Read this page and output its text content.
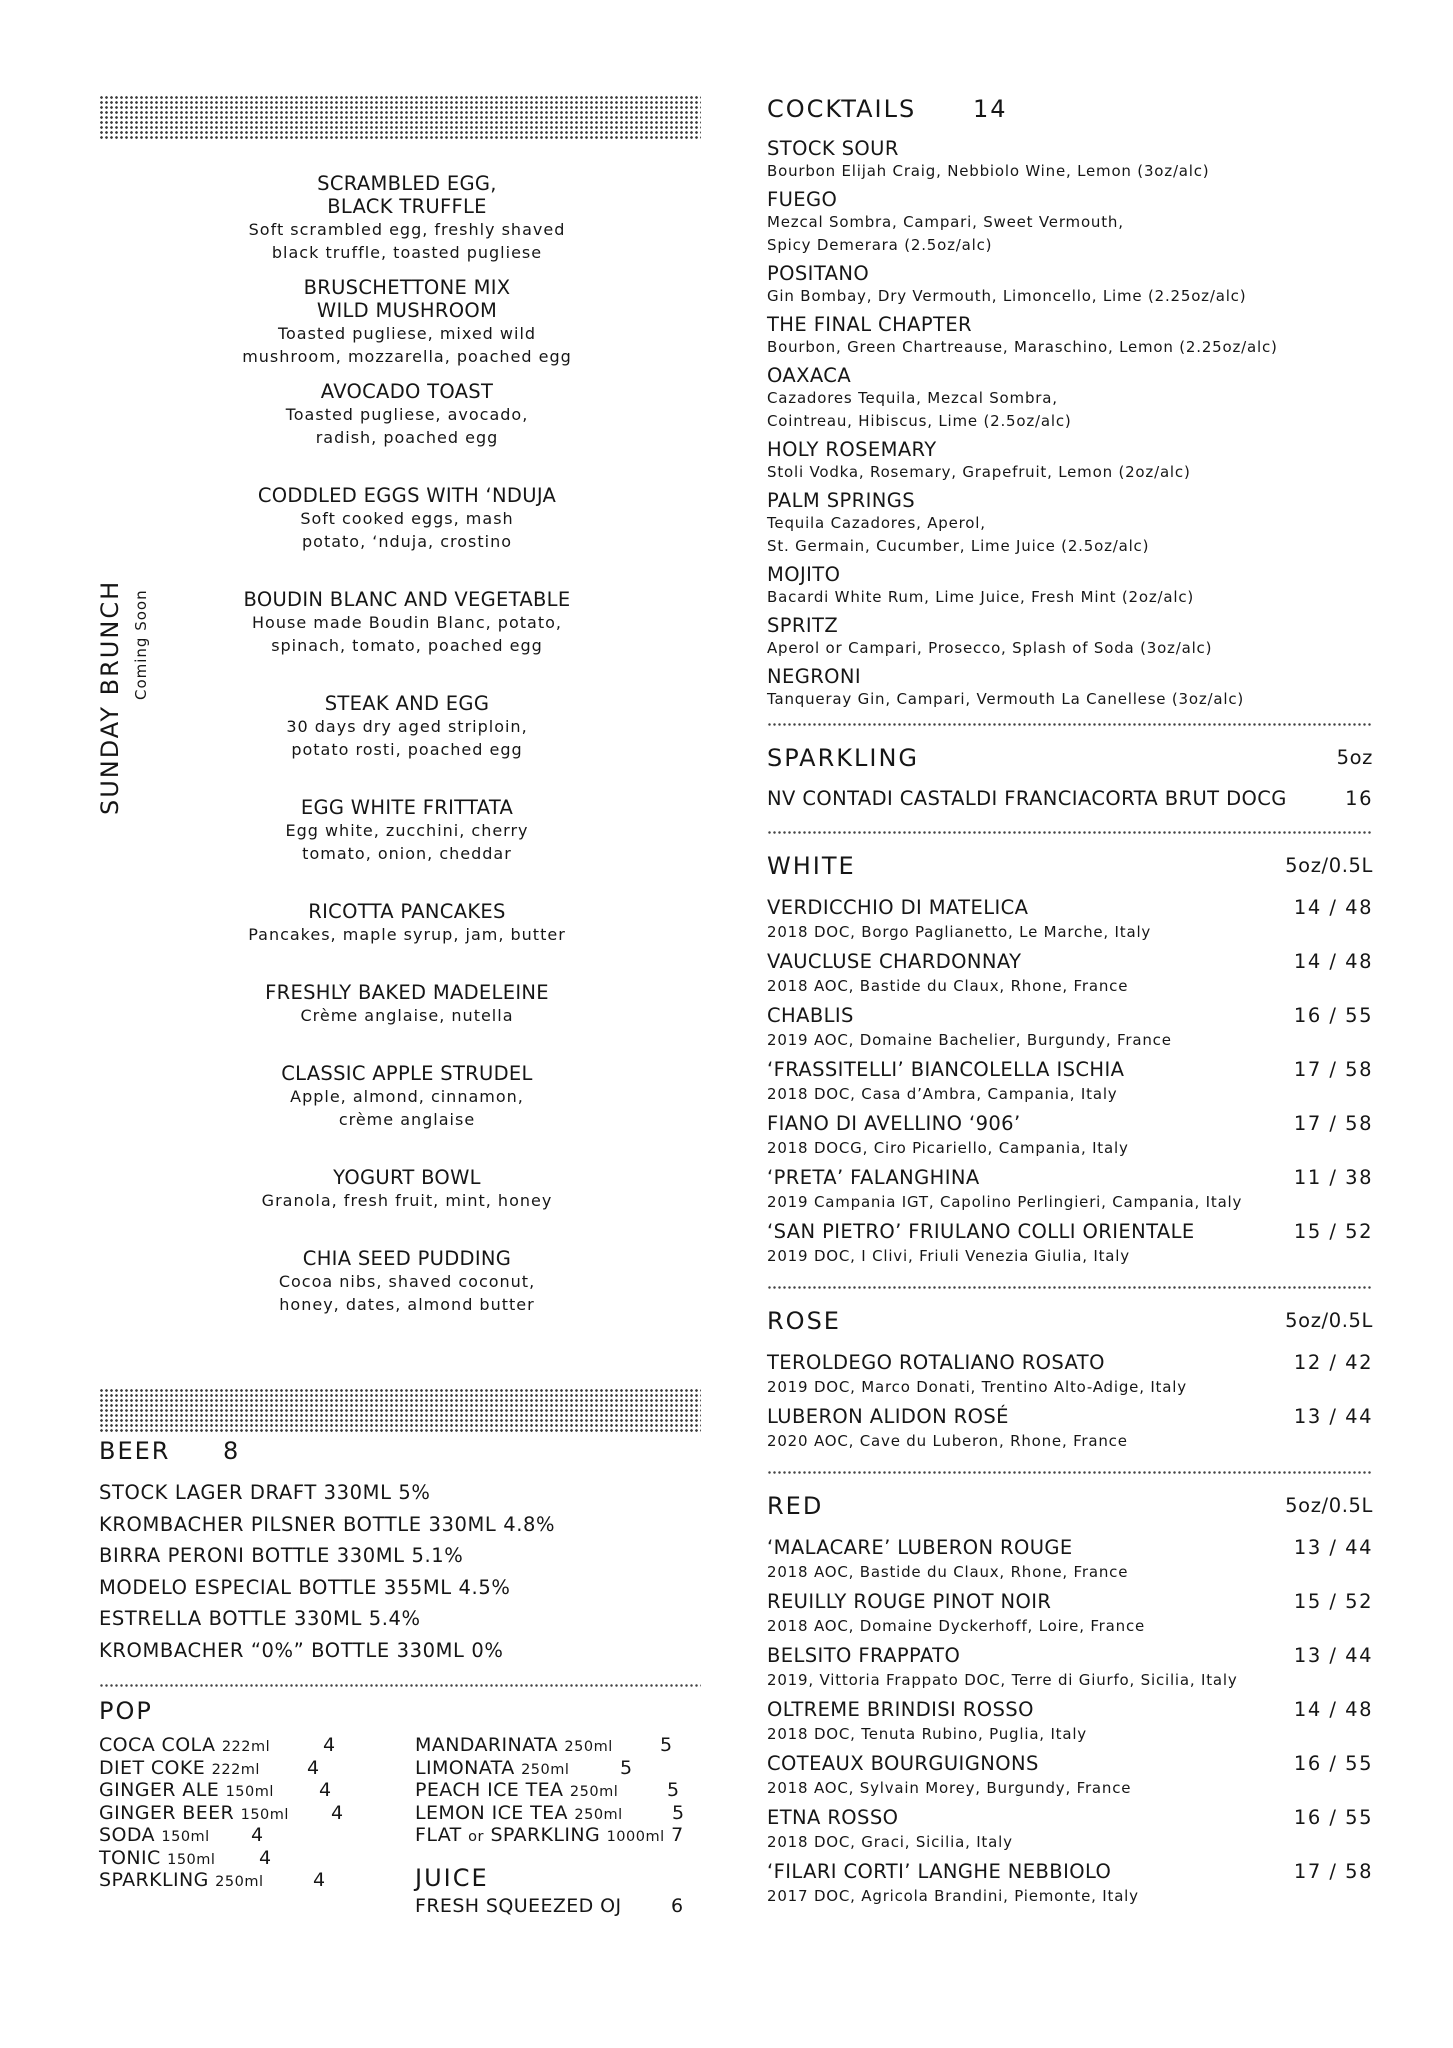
SUNDAY BRUNCH Coming Soon
SCRAMBLED EGG,
BLACK TRUFFLE
Soft scrambled egg, freshly shaved
black truffle, toasted pugliese
BRUSCHETTONE MIX
WILD MUSHROOM
Toasted pugliese, mixed wild
mushroom, mozzarella, poached egg
AVOCADO TOAST
Toasted pugliese, avocado,
radish, poached egg
CODDLED EGGS WITH ‘NDUJA
Soft cooked eggs, mash
potato, ‘nduja, crostino
BOUDIN BLANC AND VEGETABLE
House made Boudin Blanc, potato,
spinach, tomato, poached egg
STEAK AND EGG
30 days dry aged striploin,
potato rosti, poached egg
EGG WHITE FRITTATA
Egg white, zucchini, cherry
tomato, onion, cheddar
RICOTTA PANCAKES
Pancakes, maple syrup, jam, butter
FRESHLY BAKED MADELEINE
Crème anglaise, nutella
CLASSIC APPLE STRUDEL
Apple, almond, cinnamon,
crème anglaise
YOGURT BOWL
Granola, fresh fruit, mint, honey
CHIA SEED PUDDING
Cocoa nibs, shaved coconut,
honey, dates, almond butter
BEER 8
STOCK LAGER DRAFT 330ML 5%
KROMBACHER PILSNER BOTTLE 330ML 4.8%
BIRRA PERONI BOTTLE 330ML 5.1%
MODELO ESPECIAL BOTTLE 355ML 4.5%
ESTRELLA BOTTLE 330ML 5.4%
KROMBACHER “0%” BOTTLE 330ML 0%
POP
COCA COLA 222ml	4
DIET COKE 222ml 4
GINGER ALE 150ml 4
GINGER BEER 150ml 4
SODA 150ml 4
TONIC 150ml 4
SPARKLING 250ml	4
MANDARINATA 250ml 5
LIMONATA 250ml	5
PEACH ICE TEA 250ml	5
LEMON ICE TEA 250ml	5
FLAT or SPARKLING 1000ml 7
JUICE
FRESH SQUEEZED OJ	6
COCKTAILS 14
STOCK SOUR
Bourbon Elijah Craig, Nebbiolo Wine, Lemon (3oz/alc)
FUEGO
Mezcal Sombra, Campari, Sweet Vermouth,
Spicy Demerara (2.5oz/alc)
POSITANO
Gin Bombay, Dry Vermouth, Limoncello, Lime (2.25oz/alc)
THE FINAL CHAPTER
Bourbon, Green Chartreause, Maraschino, Lemon (2.25oz/alc)
OAXACA
Cazadores Tequila, Mezcal Sombra,
Cointreau, Hibiscus, Lime (2.5oz/alc)
HOLY ROSEMARY
Stoli Vodka, Rosemary, Grapefruit, Lemon (2oz/alc)
PALM SPRINGS
Tequila Cazadores, Aperol,
St. Germain, Cucumber, Lime Juice (2.5oz/alc)
MOJITO
Bacardi White Rum, Lime Juice, Fresh Mint (2oz/alc)
SPRITZ
Aperol or Campari, Prosecco, Splash of Soda (3oz/alc)
NEGRONI
Tanqueray Gin, Campari, Vermouth La Canellese (3oz/alc)
SPARKLING	5oz
NV CONTADI CASTALDI FRANCIACORTA BRUT DOCG	16
WHITE	5oz/0.5L
VERDICCHIO DI MATELICA
2018 DOC, Borgo Paglianetto, Le Marche, Italy
14 / 48
VAUCLUSE CHARDONNAY
2018 AOC, Bastide du Claux, Rhone, France
14 / 48
CHABLIS
2019 AOC, Domaine Bachelier, Burgundy, France
16 / 55
‘FRASSITELLI’ BIANCOLELLA ISCHIA
2018 DOC, Casa d’Ambra, Campania, Italy
17 / 58
FIANO DI AVELLINO ‘906’
2018 DOCG, Ciro Picariello, Campania, Italy
17 / 58
‘PRETA’ FALANGHINA
2019 Campania IGT, Capolino Perlingieri, Campania, Italy
11 / 38
‘SAN PIETRO’ FRIULANO COLLI ORIENTALE
2019 DOC, I Clivi, Friuli Venezia Giulia, Italy
15 / 52
ROSE	5oz/0.5L
TEROLDEGO ROTALIANO ROSATO
2019 DOC, Marco Donati, Trentino Alto-Adige, Italy
12 / 42
LUBERON ALIDON ROSÉ
2020 AOC, Cave du Luberon, Rhone, France
13 / 44
RED	5oz/0.5L
‘MALACARE’ LUBERON ROUGE
2018 AOC, Bastide du Claux, Rhone, France
13 / 44
REUILLY ROUGE PINOT NOIR
2018 AOC, Domaine Dyckerhoff, Loire, France
15 / 52
BELSITO FRAPPATO
2019, Vittoria Frappato DOC, Terre di Giurfo, Sicilia, Italy
13 / 44
OLTREME BRINDISI ROSSO
2018 DOC, Tenuta Rubino, Puglia, Italy
14 / 48
COTEAUX BOURGUIGNONS
2018 AOC, Sylvain Morey, Burgundy, France
16 / 55
ETNA ROSSO
2018 DOC, Graci, Sicilia, Italy
16 / 55
‘FILARI CORTI’ LANGHE NEBBIOLO
2017 DOC, Agricola Brandini, Piemonte, Italy
17 / 58
